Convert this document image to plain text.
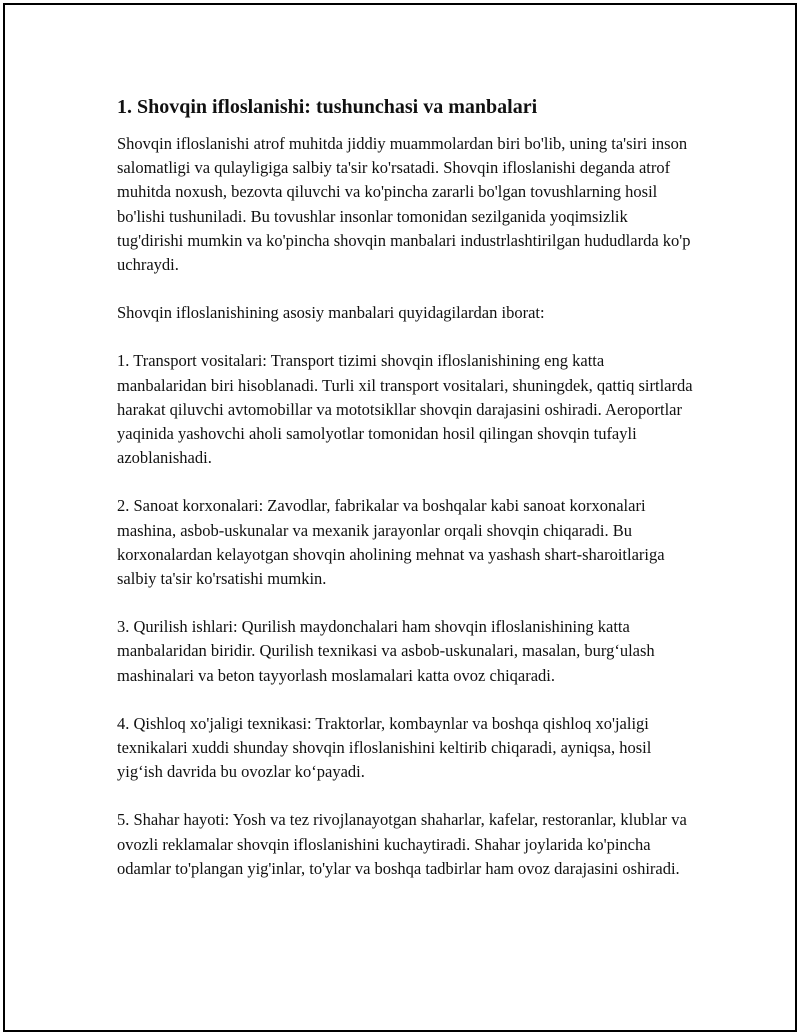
1. Shovqin ifloslanishi: tushunchasi va manbalari

Shovqin ifloslanishi atrof muhitda jiddiy muammolardan biri bo'lib, uning ta'siri inson salomatligi va qulayligiga salbiy ta'sir ko'rsatadi. Shovqin ifloslanishi deganda atrof muhitda noxush, bezovta qiluvchi va ko'pincha zararli bo'lgan tovushlarning hosil bo'lishi tushuniladi. Bu tovushlar insonlar tomonidan sezilganida yoqimsizlik tug'dirishi mumkin va ko'pincha shovqin manbalari industrlashtirilgan hududlarda ko'p uchraydi.

Shovqin ifloslanishining asosiy manbalari quyidagilardan iborat:

1. Transport vositalari: Transport tizimi shovqin ifloslanishining eng katta manbalaridan biri hisoblanadi. Turli xil transport vositalari, shuningdek, qattiq sirtlarda harakat qiluvchi avtomobillar va mototsikllar shovqin darajasini oshiradi. Aeroportlar yaqinida yashovchi aholi samolyotlar tomonidan hosil qilingan shovqin tufayli azoblanishadi.

2. Sanoat korxonalari: Zavodlar, fabrikalar va boshqalar kabi sanoat korxonalari mashina, asbob-uskunalar va mexanik jarayonlar orqali shovqin chiqaradi. Bu korxonalardan kelayotgan shovqin aholining mehnat va yashash shart-sharoitlariga salbiy ta'sir ko'rsatishi mumkin.

3. Qurilish ishlari: Qurilish maydonchalari ham shovqin ifloslanishining katta manbalaridan biridir. Qurilish texnikasi va asbob-uskunalari, masalan, burg‘ulash mashinalari va beton tayyorlash moslamalari katta ovoz chiqaradi.

4. Qishloq xo'jaligi texnikasi: Traktorlar, kombaynlar va boshqa qishloq xo'jaligi texnikalari xuddi shunday shovqin ifloslanishini keltirib chiqaradi, ayniqsa, hosil yig‘ish davrida bu ovozlar ko‘payadi.

5. Shahar hayoti: Yosh va tez rivojlanayotgan shaharlar, kafelar, restoranlar, klublar va ovozli reklamalar shovqin ifloslanishini kuchaytiradi. Shahar joylarida ko'pincha odamlar to'plangan yig'inlar, to'ylar va boshqa tadbirlar ham ovoz darajasini oshiradi.
